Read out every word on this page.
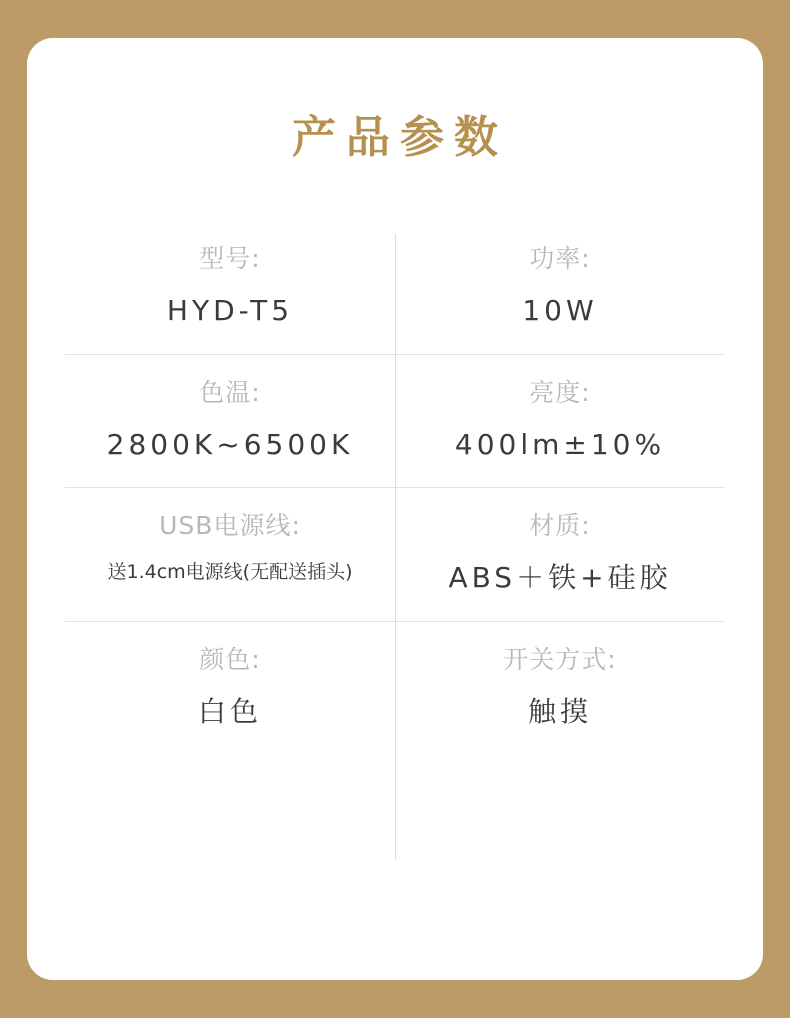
产品参数
型号:
HYD-T5
功率:
10W
色温:
2800K~6500K
亮度:
400lm±10%
USB电源线:
送1.4cm电源线(无配送插头)
材质:
ABS＋铁+硅胶
颜色:
白色
开关方式:
触摸
